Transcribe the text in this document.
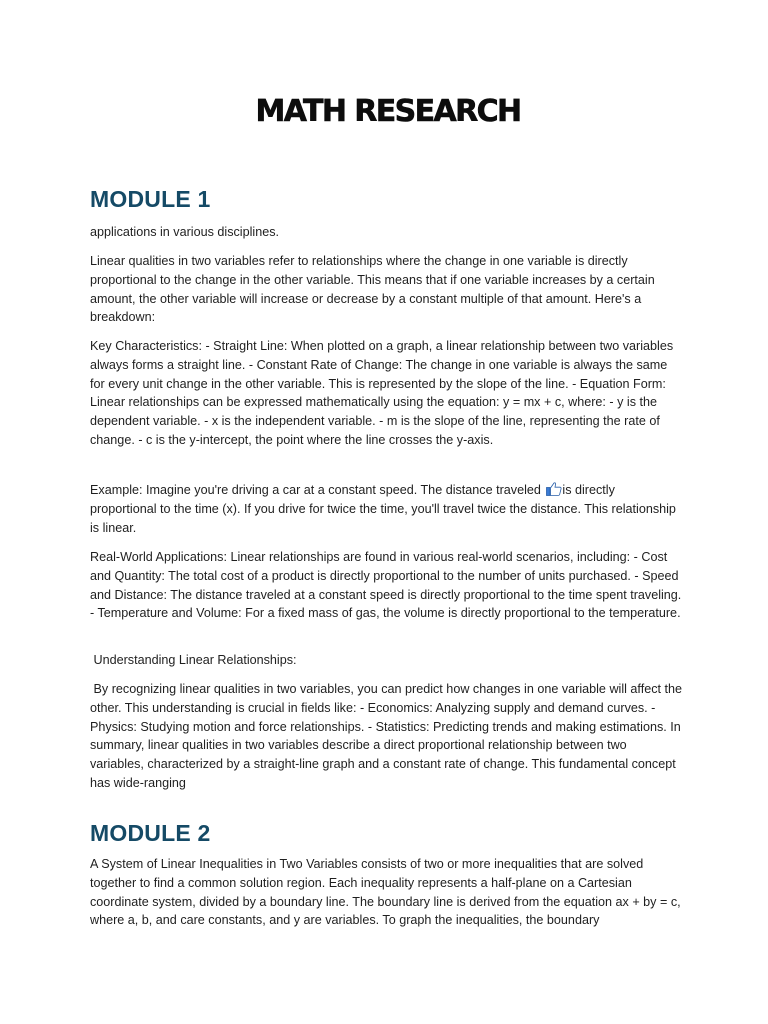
MATH RESEARCH
MODULE 1

applications in various disciplines.

Linear qualities in two variables refer to relationships where the change in one variable is directly proportional to the change in the other variable. This means that if one variable increases by a certain amount, the other variable will increase or decrease by a constant multiple of that amount. Here's a breakdown:

Key Characteristics: - Straight Line: When plotted on a graph, a linear relationship between two variables always forms a straight line. - Constant Rate of Change: The change in one variable is always the same for every unit change in the other variable. This is represented by the slope of the line. - Equation Form: Linear relationships can be expressed mathematically using the equation: y = mx + c, where: - y is the dependent variable. - x is the independent variable. - m is the slope of the line, representing the rate of change. - c is the y-intercept, the point where the line crosses the y-axis.

Example: Imagine you're driving a car at a constant speed. The distance traveled
is directly proportional to the time (x). If you drive for twice the time, you'll travel twice the distance. This relationship is linear.

Real-World Applications: Linear relationships are found in various real-world scenarios, including: - Cost and Quantity: The total cost of a product is directly proportional to the number of units purchased. - Speed and Distance: The distance traveled at a constant speed is directly proportional to the time spent traveling. - Temperature and Volume: For a fixed mass of gas, the volume is directly proportional to the temperature.

Understanding Linear Relationships:

By recognizing linear qualities in two variables, you can predict how changes in one variable will affect the other. This understanding is crucial in fields like: - Economics: Analyzing supply and demand curves. - Physics: Studying motion and force relationships. - Statistics: Predicting trends and making estimations. In summary, linear qualities in two variables describe a direct proportional relationship between two variables, characterized by a straight-line graph and a constant rate of change. This fundamental concept has wide-ranging

MODULE 2

A System of Linear Inequalities in Two Variables consists of two or more inequalities that are solved together to find a common solution region. Each inequality represents a half-plane on a Cartesian coordinate system, divided by a boundary line. The boundary line is derived from the equation ax + by = c, where a, b, and care constants, and y are variables. To graph the inequalities, the boundary
